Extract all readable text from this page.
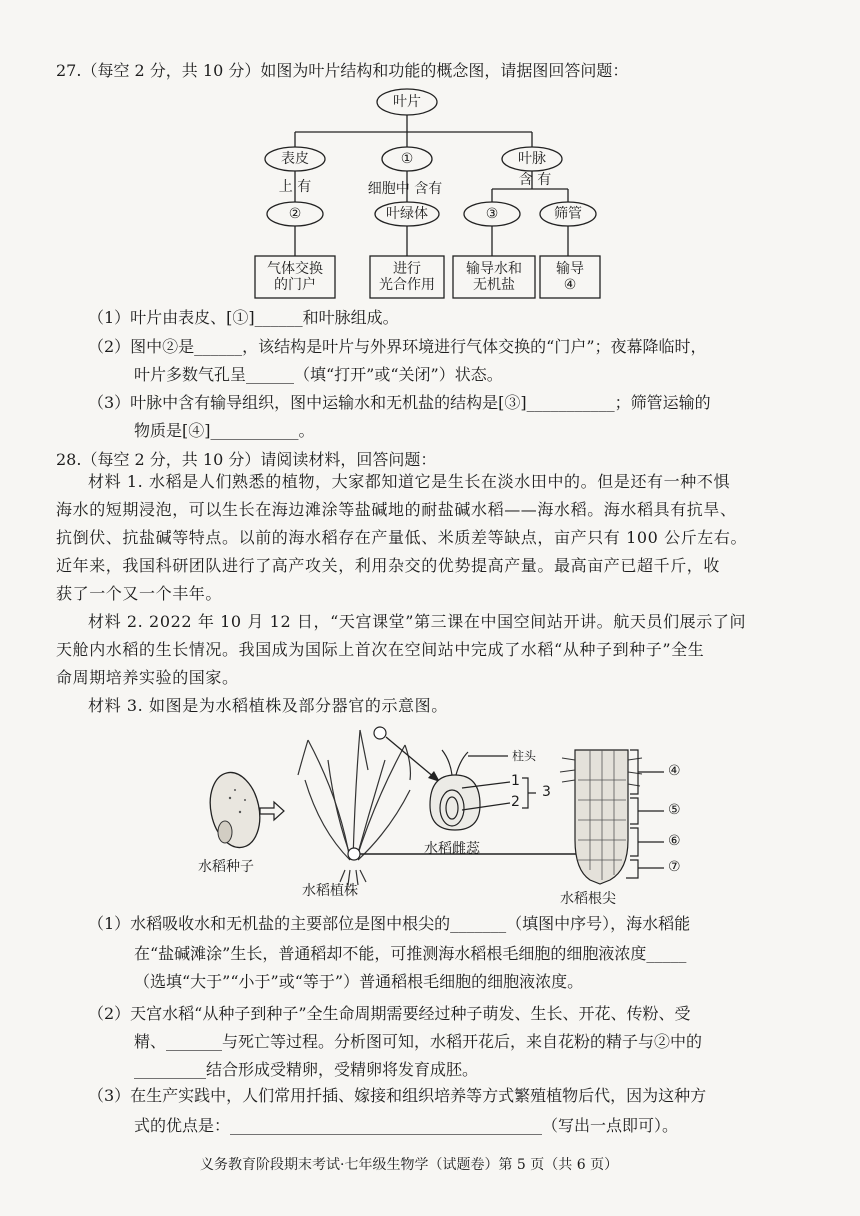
27.（每空 2 分，共 10 分）如图为叶片结构和功能的概念图，请据图回答问题：
叶片
表皮	①	叶脉
上 有	细胞中 含有
含 有
②	叶绿体	③	筛管
气体交换
的门户
进行
光合作用
输导水和
无机盐
输导
④
（1）叶片由表皮、[①]______和叶脉组成。
（2）图中②是______，该结构是叶片与外界环境进行气体交换的“门户”；夜幕降临时，
叶片多数气孔呈______（填“打开”或“关闭”）状态。
（3）叶脉中含有输导组织，图中运输水和无机盐的结构是[③]___________；筛管运输的
物质是[④]___________。
28.（每空 2 分，共 10 分）请阅读材料，回答问题：
材料 1. 水稻是人们熟悉的植物，大家都知道它是生长在淡水田中的。但是还有一种不惧
海水的短期浸泡，可以生长在海边滩涂等盐碱地的耐盐碱水稻——海水稻。海水稻具有抗旱、
抗倒伏、抗盐碱等特点。以前的海水稻存在产量低、米质差等缺点，亩产只有 100 公斤左右。
近年来，我国科研团队进行了高产攻关，利用杂交的优势提高产量。最高亩产已超千斤，收
获了一个又一个丰年。
材料 2. 2022 年 10 月 12 日，“天宫课堂”第三课在中国空间站开讲。航天员们展示了问
天舱内水稻的生长情况。我国成为国际上首次在空间站中完成了水稻“从种子到种子”全生
命周期培养实验的国家。
材料 3. 如图是为水稻植株及部分器官的示意图。
水稻种子
水稻植株
水稻雌蕊
水稻根尖
柱头
1
2
3
④
⑤
⑥
⑦
（1）水稻吸收水和无机盐的主要部位是图中根尖的_______（填图中序号），海水稻能
在“盐碱滩涂”生长，普通稻却不能，可推测海水稻根毛细胞的细胞液浓度_____
（选填“大于”“小于”或“等于”）普通稻根毛细胞的细胞液浓度。
（2）天宫水稻“从种子到种子”全生命周期需要经过种子萌发、生长、开花、传粉、受
精、_______与死亡等过程。分析图可知，水稻开花后，来自花粉的精子与②中的
_________结合形成受精卵，受精卵将发育成胚。
（3）在生产实践中，人们常用扦插、嫁接和组织培养等方式繁殖植物后代，因为这种方
式的优点是：_______________________________________（写出一点即可）。
义务教育阶段期末考试·七年级生物学（试题卷）第 5 页（共 6 页）
